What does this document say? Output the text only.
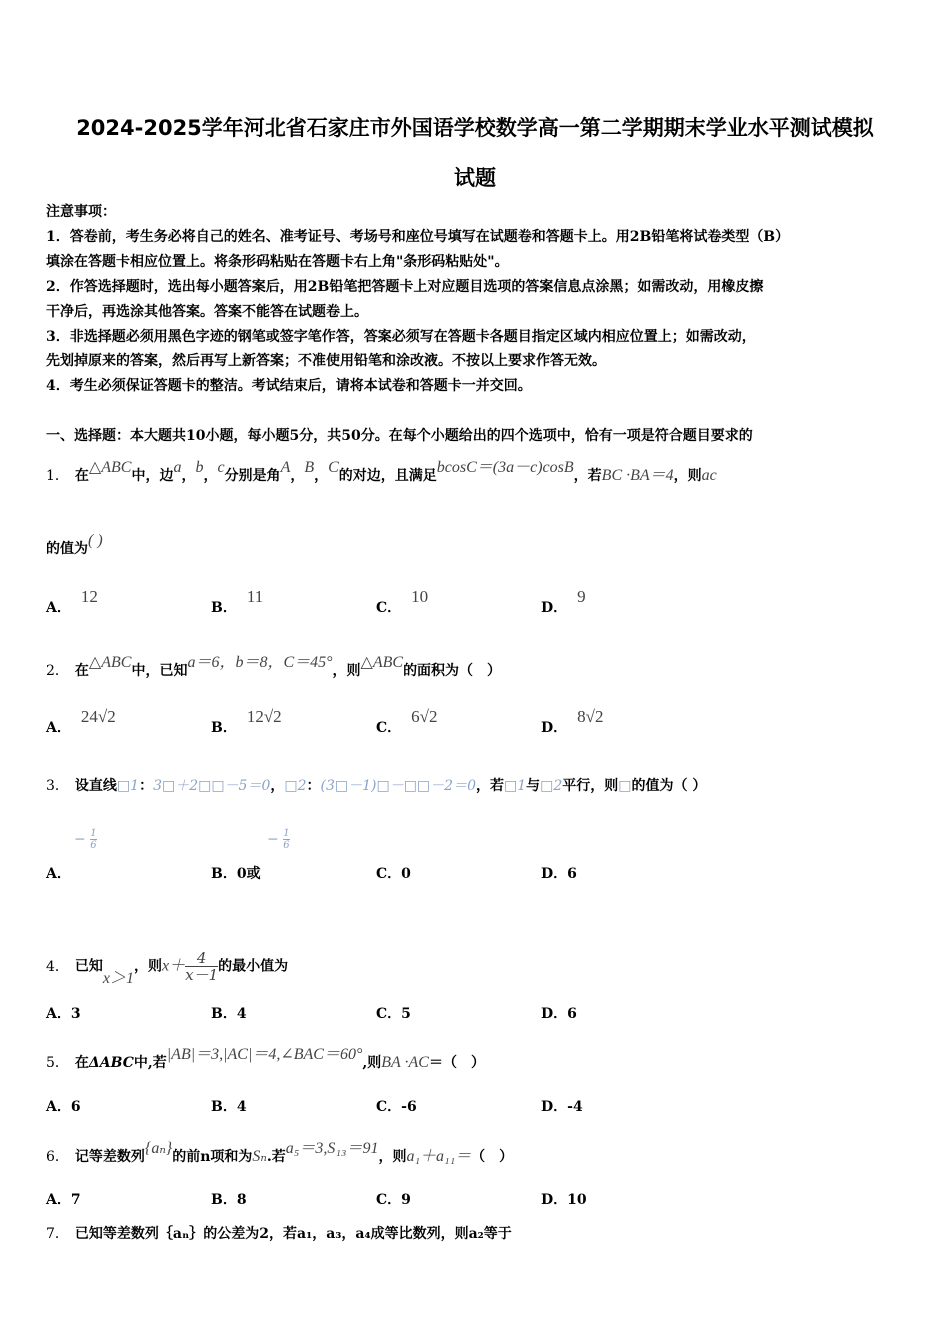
2024-2025学年河北省石家庄市外国语学校数学高一第二学期期末学业水平测试模拟
试题
注意事项：
1．答卷前，考生务必将自己的姓名、准考证号、考场号和座位号填写在试题卷和答题卡上。用2B铅笔将试卷类型（B）
填涂在答题卡相应位置上。将条形码粘贴在答题卡右上角"条形码粘贴处"。
2．作答选择题时，选出每小题答案后，用2B铅笔把答题卡上对应题目选项的答案信息点涂黑；如需改动，用橡皮擦
干净后，再选涂其他答案。答案不能答在试题卷上。
3．非选择题必须用黑色字迹的钢笔或签字笔作答，答案必须写在答题卡各题目指定区域内相应位置上；如需改动，
先划掉原来的答案，然后再写上新答案；不准使用铅笔和涂改液。不按以上要求作答无效。
4．考生必须保证答题卡的整洁。考试结束后，请将本试卷和答题卡一并交回。
一、选择题：本大题共10小题，每小题5分，共50分。在每个小题给出的四个选项中，恰有一项是符合题目要求的
1． 在△ABC中，边a，b，c分别是角A，B，C的对边，且满足bcosC＝(3a－c)cosB，若BC ·BA＝4，则ac
的值为( )
A．12
B．11
C．10
D．9
2． 在△ABC中，已知a＝6，b＝8，C＝45°，则△ABC的面积为（　）
A．24√2
B．12√2
C．6√2
D．8√2
3． 设直线□1：3□＋2□□－5＝0，□2：(3□－1)□－□□－2＝0，若□1与□2平行，则□的值为（ ）
− $\frac{1}{6}$
A．
− $\frac{1}{6}$
B．0或	C．0	D．6
4． 已知x＞1，则$x+ \frac{4}{x-1}$ 的最小值为
A．3	B．4	C．5	D．6
5． 在ΔABC中,若|AB|＝3,|AC|＝4,∠BAC＝60°,则BA ·AC＝（　）
A．6	B．4	C．-6	D．-4
6． 记等差数列{aₙ}的前n项和为Sₙ.若a₅＝3,S₁₃＝91，则a₁＋a₁₁＝（　）
A．7	B．8	C．9	D．10
7． 已知等差数列｛aₙ｝的公差为2，若a₁，a₃，a₄成等比数列，则a₂等于
